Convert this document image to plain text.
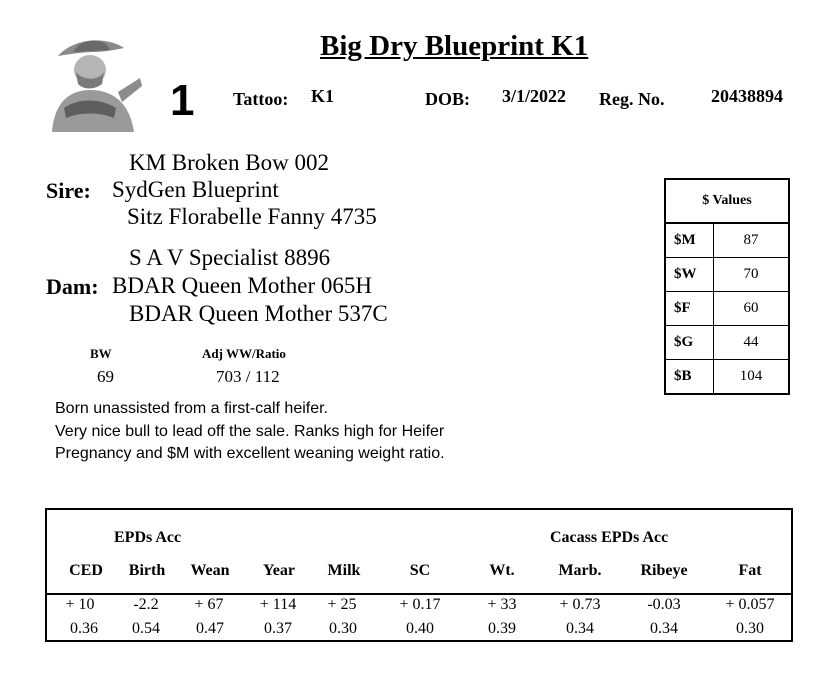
Big Dry Blueprint K1
1 Tattoo: K1	DOB: 3/1/2022 Reg. No.	20438894
KM Broken Bow 002
Sire: SydGen Blueprint
Sitz Florabelle Fanny 4735
S A V Specialist 8896
Dam: BDAR Queen Mother 065H
BDAR Queen Mother 537C
BW
69
Adj WW/Ratio
703 / 112
Born unassisted from a first-calf heifer.
Very nice bull to lead off the sale. Ranks high for Heifer
Pregnancy and $M with excellent weaning weight ratio.
$ Values	
$M	87
$W	70
$F	60
$G	44
$B	104
EPDs Acc	Cacass EPDs Acc
CED	Birth	Wean	Year	Milk	SC	Wt.	Marb.	Ribeye	Fat
+ 10	-2.2	+ 67	+ 114	+ 25	+ 0.17	+ 33	+ 0.73	-0.03	+ 0.057
0.36	0.54	0.47	0.37	0.30	0.40	0.39	0.34	0.34	0.30
